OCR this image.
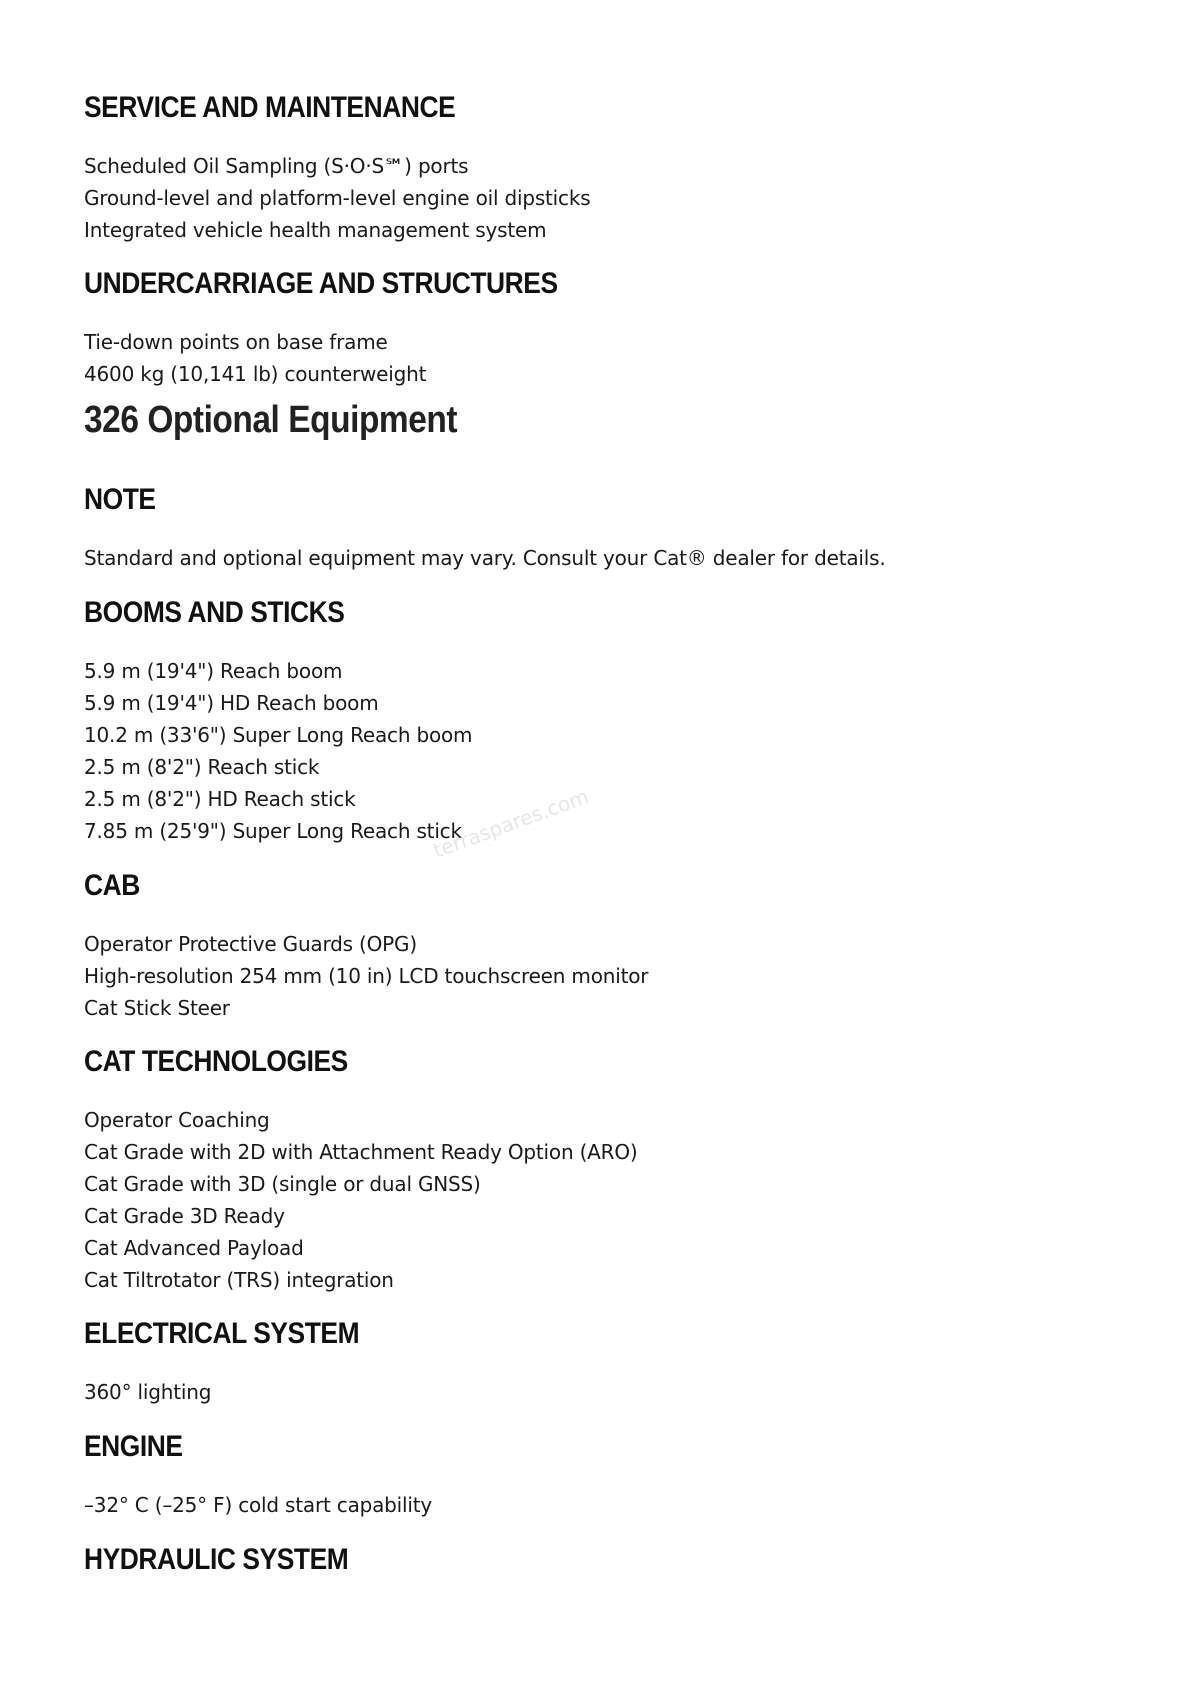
SERVICE AND MAINTENANCE
Scheduled Oil Sampling (S·O·S℠) ports
Ground-level and platform-level engine oil dipsticks
Integrated vehicle health management system
UNDERCARRIAGE AND STRUCTURES
Tie-down points on base frame
4600 kg (10,141 lb) counterweight
326 Optional Equipment
NOTE
Standard and optional equipment may vary. Consult your Cat® dealer for details.
BOOMS AND STICKS
5.9 m (19'4") Reach boom
5.9 m (19'4") HD Reach boom
10.2 m (33'6") Super Long Reach boom
2.5 m (8'2") Reach stick
2.5 m (8'2") HD Reach stick
7.85 m (25'9") Super Long Reach stick
CAB
Operator Protective Guards (OPG)
High-resolution 254 mm (10 in) LCD touchscreen monitor
Cat Stick Steer
CAT TECHNOLOGIES
Operator Coaching
Cat Grade with 2D with Attachment Ready Option (ARO)
Cat Grade with 3D (single or dual GNSS)
Cat Grade 3D Ready
Cat Advanced Payload
Cat Tiltrotator (TRS) integration
ELECTRICAL SYSTEM
360° lighting
ENGINE
–32° C (–25° F) cold start capability
HYDRAULIC SYSTEM
terraspares.com
